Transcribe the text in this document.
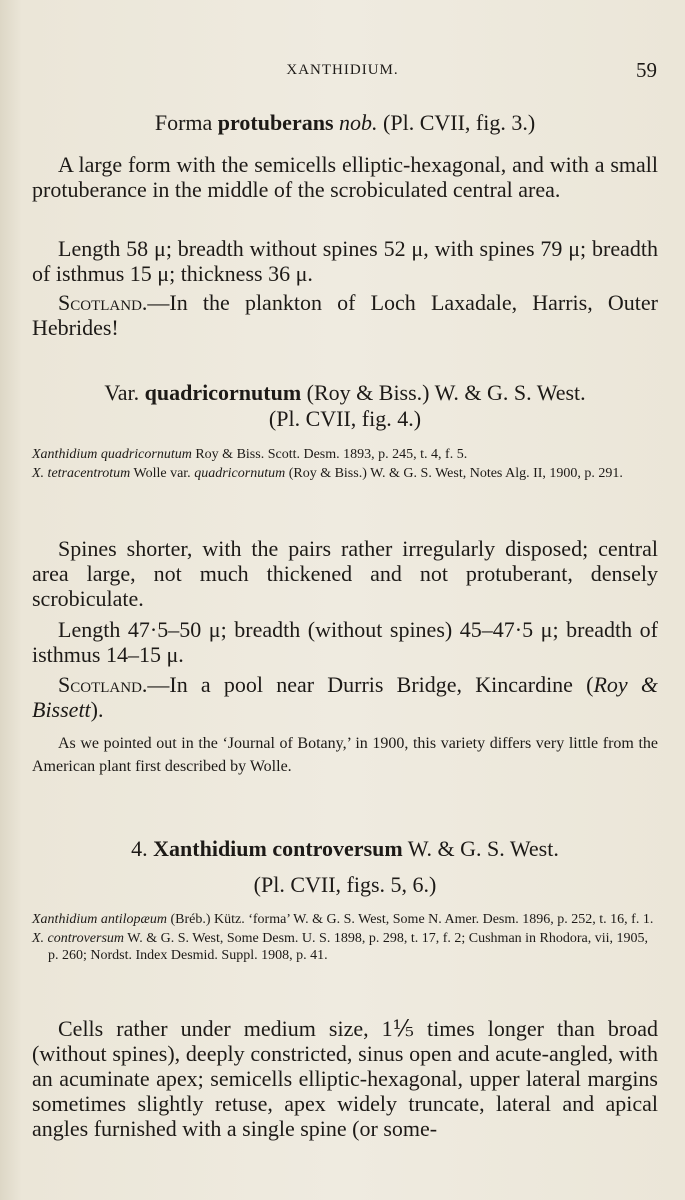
XANTHIDIUM.	59
Forma protuberans nob. (Pl. CVII, fig. 3.)

A large form with the semicells elliptic-hexagonal, and with a small protuberance in the middle of the scrobiculated central area.

Length 58 μ; breadth without spines 52 μ, with spines 79 μ; breadth of isthmus 15 μ; thickness 36 μ.

Scotland.—In the plankton of Loch Laxadale, Harris, Outer Hebrides!

Var. quadricornutum (Roy & Biss.) W. & G. S. West.
(Pl. CVII, fig. 4.)

Xanthidium quadricornutum Roy & Biss. Scott. Desm. 1893, p. 245, t. 4, f. 5.

X. tetracentrotum Wolle var. quadricornutum (Roy & Biss.) W. & G. S. West, Notes Alg. II, 1900, p. 291.

Spines shorter, with the pairs rather irregularly disposed; central area large, not much thickened and not protuberant, densely scrobiculate.

Length 47·5–50 μ; breadth (without spines) 45–47·5 μ; breadth of isthmus 14–15 μ.

Scotland.—In a pool near Durris Bridge, Kincardine (Roy & Bissett).

As we pointed out in the ‘Journal of Botany,’ in 1900, this variety differs very little from the American plant first described by Wolle.

4. Xanthidium controversum W. & G. S. West.
(Pl. CVII, figs. 5, 6.)

Xanthidium antilopæum (Bréb.) Kütz. ‘forma’ W. & G. S. West, Some N. Amer. Desm. 1896, p. 252, t. 16, f. 1.

X. controversum W. & G. S. West, Some Desm. U. S. 1898, p. 298, t. 17, f. 2; Cushman in Rhodora, vii, 1905, p. 260; Nordst. Index Desmid. Suppl. 1908, p. 41.

Cells rather under medium size, 1⅕ times longer than broad (without spines), deeply constricted, sinus open and acute-angled, with an acuminate apex; semicells elliptic-hexagonal, upper lateral margins sometimes slightly retuse, apex widely truncate, lateral and apical angles furnished with a single spine (or some-
